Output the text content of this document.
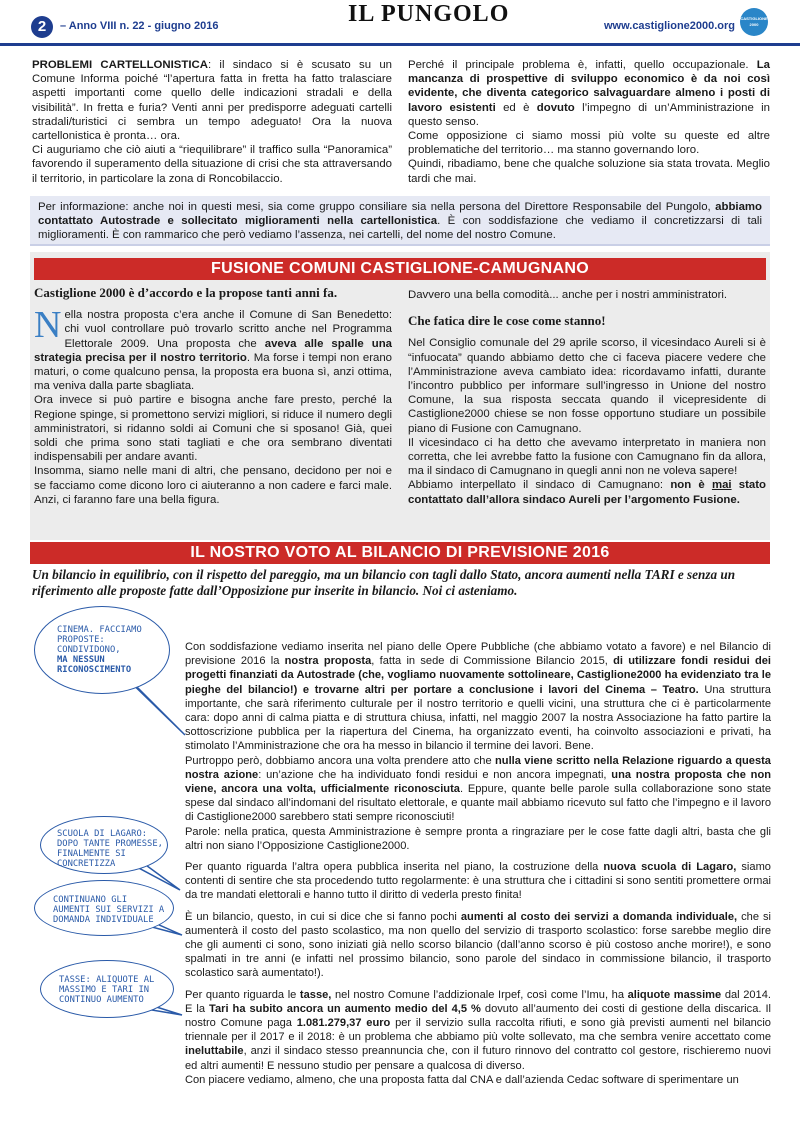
2	– Anno VIII n. 22 - giugno 2016	IL PUNGOLO	www.castiglione2000.org
CASTIGLIONE 2000

PROBLEMI CARTELLONISTICA: il sindaco si è scusato su un Comune Informa poiché “l’apertura fatta in fretta ha fatto tralasciare aspetti importanti come quello delle indicazioni stradali e della visibilità”. In fretta e furia? Venti anni per predisporre adeguati cartelli stradali/turistici ci sembra un tempo adeguato! Ora la nuova cartellonistica è pronta… ora.

Ci auguriamo che ciò aiuti a “riequilibrare” il traffico sulla “Panoramica” favorendo il superamento della situazione di crisi che sta attraversando il territorio, in particolare la zona di Roncobilaccio.

Perché il principale problema è, infatti, quello occupazionale. La mancanza di prospettive di sviluppo economico è da noi così evidente, che diventa categorico salvaguardare almeno i posti di lavoro esistenti ed è dovuto l’impegno di un’Amministrazione in questo senso.

Come opposizione ci siamo mossi più volte su queste ed altre problematiche del territorio… ma stanno governando loro.

Quindi, ribadiamo, bene che qualche soluzione sia stata trovata. Meglio tardi che mai.

Per informazione: anche noi in questi mesi, sia come gruppo consiliare sia nella persona del Direttore Responsabile del Pungolo, abbiamo contattato Autostrade e sollecitato miglioramenti nella cartellonistica. È con soddisfazione che vediamo il concretizzarsi di tali miglioramenti. È con rammarico che però vediamo l’assenza, nei cartelli, del nome del nostro Comune.
FUSIONE COMUNI CASTIGLIONE-CAMUGNANO

Castiglione 2000 è d’accordo e la propose tanti anni fa.

Nella nostra proposta c’era anche il Comune di San Benedetto: chi vuol controllare può trovarlo scritto anche nel Programma Elettorale 2009. Una proposta che aveva alle spalle una strategia precisa per il nostro territorio. Ma forse i tempi non erano maturi, o come qualcuno pensa, la proposta era buona sì, anzi ottima, ma veniva dalla parte sbagliata.

Ora invece si può partire e bisogna anche fare presto, perché la Regione spinge, si promettono servizi migliori, si riduce il numero degli amministratori, si ridanno soldi ai Comuni che si sposano! Già, quei soldi che prima sono stati tagliati e che ora sembrano diventati indispensabili per andare avanti.

Insomma, siamo nelle mani di altri, che pensano, decidono per noi e se facciamo come dicono loro ci aiuteranno a non cadere e farci male. Anzi, ci faranno fare una bella figura.

Davvero una bella comodità... anche per i nostri amministratori.

Che fatica dire le cose come stanno!

Nel Consiglio comunale del 29 aprile scorso, il vicesindaco Aureli si è “infuocata” quando abbiamo detto che ci faceva piacere vedere che l’Amministrazione aveva cambiato idea: ricordavamo infatti, durante l’incontro pubblico per informare sull’ingresso in Unione del nostro Comune, la sua risposta seccata quando il vicepresidente di Castiglione2000 chiese se non fosse opportuno studiare un possibile piano di Fusione con Camugnano.

Il vicesindaco ci ha detto che avevamo interpretato in maniera non corretta, che lei avrebbe fatto la fusione con Camugnano fin da allora, ma il sindaco di Camugnano in quegli anni non ne voleva sapere!

Abbiamo interpellato il sindaco di Camugnano: non è mai stato contattato dall’allora sindaco Aureli per l’argomento Fusione.

IL NOSTRO VOTO AL BILANCIO DI PREVISIONE 2016
Un bilancio in equilibrio, con il rispetto del pareggio, ma un bilancio con tagli dallo Stato, ancora aumenti nella TARI e senza un riferimento alle proposte fatte dall’Opposizione pur inserite in bilancio. Noi ci asteniamo.
CINEMA. FACCIAMO
PROPOSTE:
CONDIVIDONO,
MA NESSUN
RICONOSCIMENTO
SCUOLA DI LAGARO:
DOPO TANTE PROMESSE,
FINALMENTE SI
CONCRETIZZA
CONTINUANO GLI
AUMENTI SUI SERVIZI A
DOMANDA INDIVIDUALE
TASSE: ALIQUOTE AL
MASSIMO E TARI IN
CONTINUO AUMENTO

Con soddisfazione vediamo inserita nel piano delle Opere Pubbliche (che abbiamo votato a favore) e nel Bilancio di previsione 2016 la nostra proposta, fatta in sede di Commissione Bilancio 2015, di utilizzare fondi residui dei progetti finanziati da Autostrade (che, vogliamo nuovamente sottolineare, Castiglione2000 ha evidenziato tra le pieghe del bilancio!) e trovarne altri per portare a conclusione i lavori del Cinema – Teatro. Una struttura importante, che sarà riferimento culturale per il nostro territorio e quelli vicini, una struttura che ci è particolarmente cara: dopo anni di calma piatta e di struttura chiusa, infatti, nel maggio 2007 la nostra Associazione ha fatto partire la sottoscrizione pubblica per la riapertura del Cinema, ha organizzato eventi, ha coinvolto associazioni e privati, ha stimolato l’Amministrazione che ora ha messo in bilancio il termine dei lavori. Bene.

Purtroppo però, dobbiamo ancora una volta prendere atto che nulla viene scritto nella Relazione riguardo a questa nostra azione: un’azione che ha individuato fondi residui e non ancora impegnati, una nostra proposta che non viene, ancora una volta, ufficialmente riconosciuta. Eppure, quante belle parole sulla collaborazione sono state spese dal sindaco all’indomani del risultato elettorale, e quante mail abbiamo ricevuto sul fatto che l’impegno e il lavoro di Castiglione2000 sarebbero stati sempre riconosciuti!

Parole: nella pratica, questa Amministrazione è sempre pronta a ringraziare per le cose fatte dagli altri, basta che gli altri non siano l’Opposizione Castiglione2000.

Per quanto riguarda l’altra opera pubblica inserita nel piano, la costruzione della nuova scuola di Lagaro, siamo contenti di sentire che sta procedendo tutto regolarmente: è una struttura che i cittadini si sono sentiti promettere ormai da tre mandati elettorali e hanno tutto il diritto di vederla presto finita!

È un bilancio, questo, in cui si dice che si fanno pochi aumenti al costo dei servizi a domanda individuale, che si aumenterà il costo del pasto scolastico, ma non quello del servizio di trasporto scolastico: forse sarebbe meglio dire che gli aumenti ci sono, sono iniziati già nello scorso bilancio (dall’anno scorso è più costoso anche morire!), e sono spalmati in tre anni (e infatti nel prossimo bilancio, sono parole del sindaco in commissione bilancio, il trasporto scolastico sarà aumentato!).

Per quanto riguarda le tasse, nel nostro Comune l’addizionale Irpef, così come l’Imu, ha aliquote massime dal 2014. E la Tari ha subito ancora un aumento medio del 4,5 % dovuto all’aumento dei costi di gestione della discarica. Il nostro Comune paga 1.081.279,37 euro per il servizio sulla raccolta rifiuti, e sono già previsti aumenti nel bilancio triennale per il 2017 e il 2018: è un problema che abbiamo più volte sollevato, ma che sembra venire accettato come ineluttabile, anzi il sindaco stesso preannuncia che, con il futuro rinnovo del contratto col gestore, rischieremo nuovi ed altri aumenti! E nessuno studio per pensare a qualcosa di diverso.

Con piacere vediamo, almeno, che una proposta fatta dal CNA e dall’azienda Cedac software di sperimentare un
